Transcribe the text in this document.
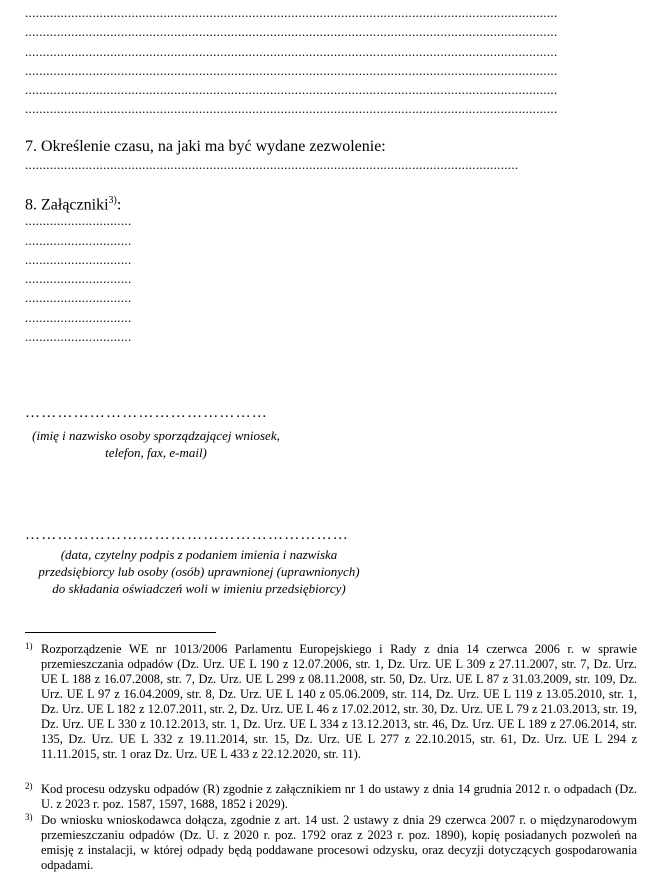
......................................................................................................................................................
......................................................................................................................................................
......................................................................................................................................................
......................................................................................................................................................
......................................................................................................................................................
......................................................................................................................................................
7. Określenie czasu, na jaki ma być wydane zezwolenie:
...........................................................................................................................................
8. Załączniki$^{3)}$:
..............................
..............................
..............................
..............................
..............................
..............................
..............................
………………………………………
(imię i nazwisko osoby sporządzającej wniosek,
telefon, fax, e-mail)
……………………………………………………
(data, czytelny podpis z podaniem imienia i nazwiska
przedsiębiorcy lub osoby (osób) uprawnionej (uprawnionych)
do składania oświadczeń woli w imieniu przedsiębiorcy)
1) Rozporządzenie WE nr 1013/2006 Parlamentu Europejskiego i Rady z dnia 14 czerwca 2006 r. w sprawie przemieszczania odpadów (Dz. Urz. UE L 190 z 12.07.2006, str. 1, Dz. Urz. UE L 309 z 27.11.2007, str. 7, Dz. Urz. UE L 188 z 16.07.2008, str. 7, Dz. Urz. UE L 299 z 08.11.2008, str. 50, Dz. Urz. UE L 87 z 31.03.2009, str. 109, Dz. Urz. UE L 97 z 16.04.2009, str. 8, Dz. Urz. UE L 140 z 05.06.2009, str. 114, Dz. Urz. UE L 119 z 13.05.2010, str. 1, Dz. Urz. UE L 182 z 12.07.2011, str. 2, Dz. Urz. UE L 46 z 17.02.2012, str. 30, Dz. Urz. UE L 79 z 21.03.2013, str. 19, Dz. Urz. UE L 330 z 10.12.2013, str. 1, Dz. Urz. UE L 334 z 13.12.2013, str. 46, Dz. Urz. UE L 189 z 27.06.2014, str. 135, Dz. Urz. UE L 332 z 19.11.2014, str. 15, Dz. Urz. UE L 277 z 22.10.2015, str. 61, Dz. Urz. UE L 294 z 11.11.2015, str. 1 oraz Dz. Urz. UE L 433 z 22.12.2020, str. 11).
2) Kod procesu odzysku odpadów (R) zgodnie z załącznikiem nr 1 do ustawy z dnia 14 grudnia 2012 r. o odpadach (Dz. U. z 2023 r. poz. 1587, 1597, 1688, 1852 i 2029).
3) Do wniosku wnioskodawca dołącza, zgodnie z art. 14 ust. 2 ustawy z dnia 29 czerwca 2007 r. o międzynarodowym przemieszczaniu odpadów (Dz. U. z 2020 r. poz. 1792 oraz z 2023 r. poz. 1890), kopię posiadanych pozwoleń na emisję z instalacji, w której odpady będą poddawane procesowi odzysku, oraz decyzji dotyczących gospodarowania odpadami.
